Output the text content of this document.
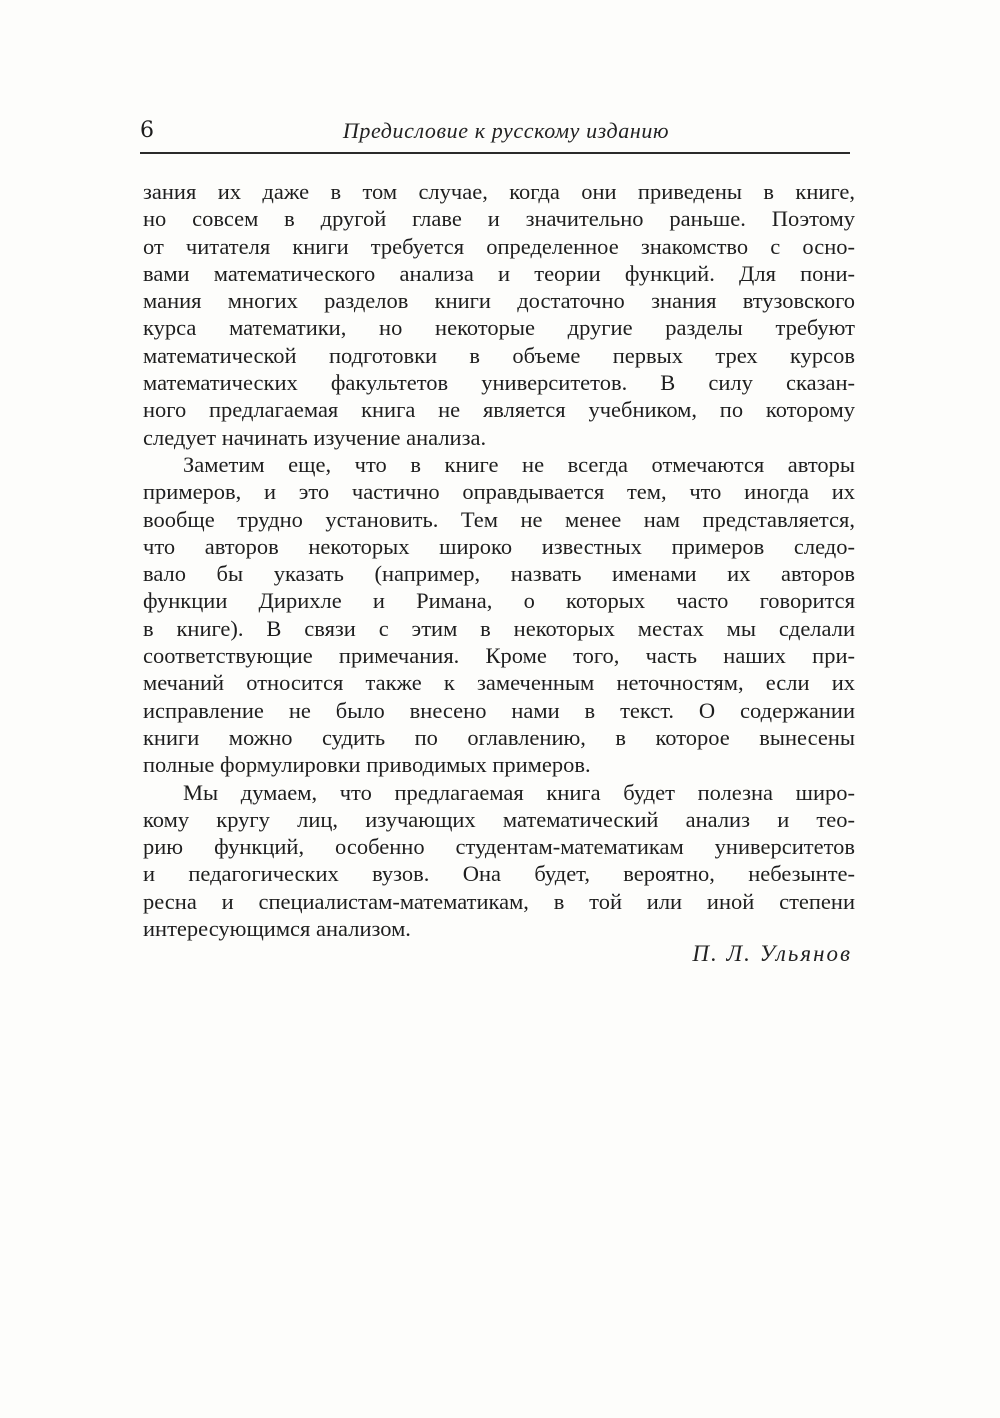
6	Предисловие к русскому изданию
зания их даже в том случае, когда они приведены в книге,
но совсем в другой главе и значительно раньше. Поэтому
от читателя книги требуется определенное знакомство с осно-
вами математического анализа и теории функций. Для пони-
мания многих разделов книги достаточно знания втузовского
курса математики, но некоторые другие разделы требуют
математической подготовки в объеме первых трех курсов
математических факультетов университетов. В силу сказан-
ного предлагаемая книга не является учебником, по которому
следует начинать изучение анализа.
Заметим еще, что в книге не всегда отмечаются авторы
примеров, и это частично оправдывается тем, что иногда их
вообще трудно установить. Тем не менее нам представляется,
что авторов некоторых широко известных примеров следо-
вало бы указать (например, назвать именами их авторов
функции Дирихле и Римана, о которых часто говорится
в книге). В связи с этим в некоторых местах мы сделали
соответствующие примечания. Кроме того, часть наших при-
мечаний относится также к замеченным неточностям, если их
исправление не было внесено нами в текст. О содержании
книги можно судить по оглавлению, в которое вынесены
полные формулировки приводимых примеров.
Мы думаем, что предлагаемая книга будет полезна широ-
кому кругу лиц, изучающих математический анализ и тео-
рию функций, особенно студентам-математикам университетов
и педагогических вузов. Она будет, вероятно, небезынте-
ресна и специалистам-математикам, в той или иной степени
интересующимся анализом.
П. Л. Ульянов
